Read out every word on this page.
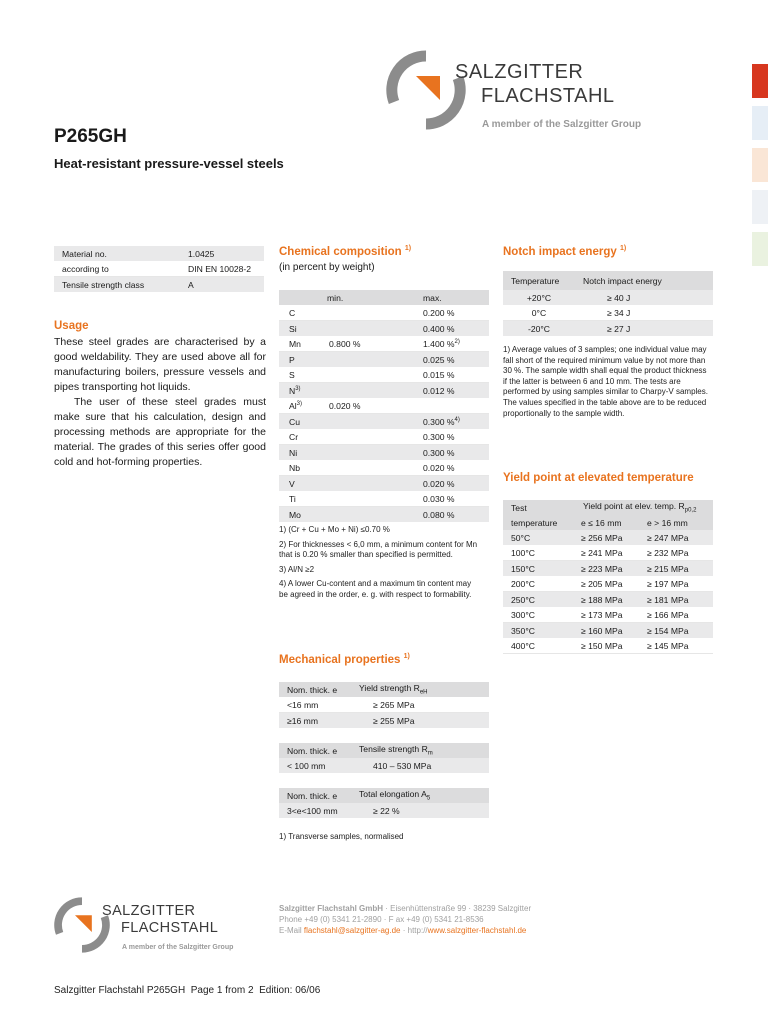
SALZGITTER
FLACHSTAHL
A member of the Salzgitter Group
P265GH
Heat-resistant pressure-vessel steels
Material no.	1.0425
according to	DIN EN 10028-2
Tensile strength class	A
Usage
These steel grades are characterised by a good weldability. They are used above all for manufacturing boilers, pressure vessels and pipes transporting hot liquids.
The user of these steel grades must make sure that his calculation, design and processing methods are appropriate for the material. The grades of this series offer good cold and hot-forming properties.
Chemical composition $^{1)}$
(in percent by weight)
	min.	max.
C		0.200 %
Si		0.400 %
Mn	0.800 %	1.400 %$^{2)}$
P		0.025 %
S		0.015 %
$N^{3)}$		0.012 %
Al$^{3)}$	0.020 %	
Cu		0.300 %$^{4)}$
Cr		0.300 %
Ni		0.300 %
Nb		0.020 %
V		0.020 %
Ti		0.030 %
Mo		0.080 %
1) (Cr + Cu + Mo + Ni) ≤0.70 %
2) For thicknesses < 6,0 mm, a minimum content for Mn that is 0.20 % smaller than specified is permitted.
3) Al/N ≥2
4) A lower Cu-content and a maximum tin content may be agreed in the order, e. g. with respect to formability.
Mechanical properties $^{1)}$
Nom. thick. e	Yield strength $R_{eH}$
<16 mm	≥ 265 MPa
≥16 mm	≥ 255 MPa
Nom. thick. e	Tensile strength $R_m$
< 100 mm	410 – 530 MPa
Nom. thick. e	Total elongation $A_5$
3<e<100 mm	≥ 22 %
1) Transverse samples, normalised
Notch impact energy $^{1)}$
Temperature	Notch impact energy
+20°C	≥ 40 J
0°C	≥ 34 J
-20°C	≥ 27 J
1) Average values of 3 samples; one individual value may fall short of the required minimum value by not more than 30 %. The sample width shall equal the product thickness if the latter is between 6 and 10 mm. The tests are performed by using samples similar to Charpy-V samples. The values specified in the table above are to be reduced proportionally to the sample width.
Yield point at elevated temperature
Test	Yield point at elev. temp. $R_{p0,2}$
temperature	e ≤ 16 mm	e > 16 mm
50°C	≥ 256 MPa	≥ 247 MPa
100°C	≥ 241 MPa	≥ 232 MPa
150°C	≥ 223 MPa	≥ 215 MPa
200°C	≥ 205 MPa	≥ 197 MPa
250°C	≥ 188 MPa	≥ 181 MPa
300°C	≥ 173 MPa	≥ 166 MPa
350°C	≥ 160 MPa	≥ 154 MPa
400°C	≥ 150 MPa	≥ 145 MPa
SALZGITTER
FLACHSTAHL
A member of the Salzgitter Group
Salzgitter Flachstahl GmbH · Eisenhüttenstraße 99 · 38239 Salzgitter
Phone +49 (0) 5341 21-2890 · F ax +49 (0) 5341 21-8536
E-Mail flachstahl@salzgitter-ag.de · http://www.salzgitter-flachstahl.de
Salzgitter Flachstahl P265GH  Page 1 from 2  Edition: 06/06
